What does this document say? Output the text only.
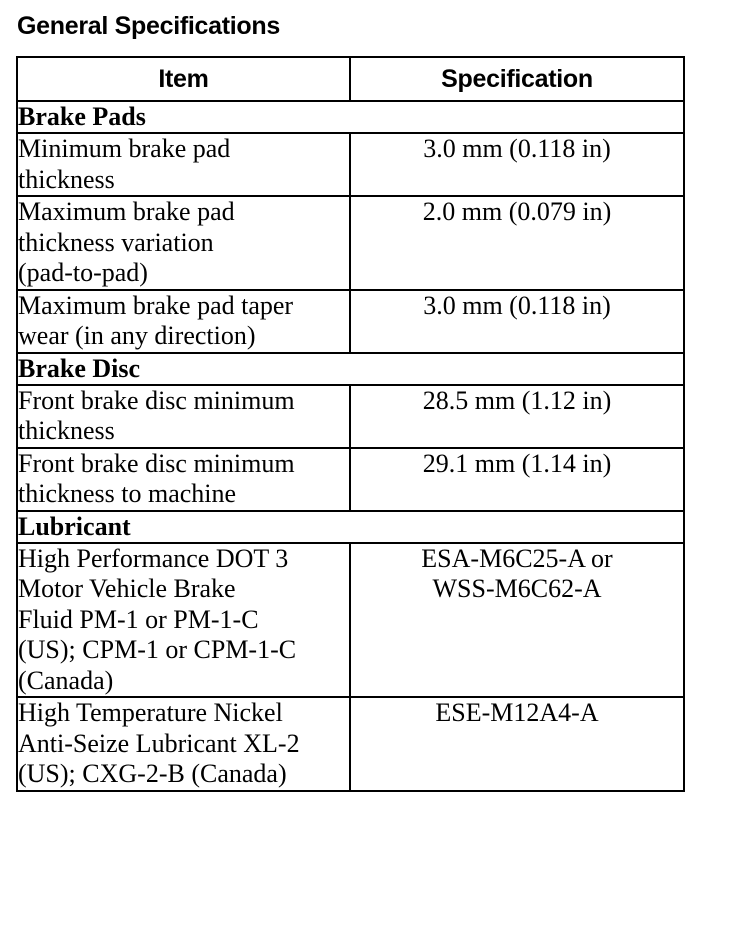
General Specifications
Item	Specification
Brake Pads	

Minimum brake pad
thickness	3.0 mm (0.118 in)

Maximum brake pad
thickness variation
(pad-to-pad)	2.0 mm (0.079 in)

Maximum brake pad taper
wear (in any direction)	3.0 mm (0.118 in)

Brake Disc	

Front brake disc minimum
thickness	28.5 mm (1.12 in)

Front brake disc minimum
thickness to machine	29.1 mm (1.14 in)

Lubricant	

High Performance DOT 3
Motor Vehicle Brake
Fluid PM-1 or PM-1-C
(US); CPM-1 or CPM-1-C
(Canada)	ESA-M6C25-A or
WSS-M6C62-A

High Temperature Nickel
Anti-Seize Lubricant XL-2
(US); CXG-2-B (Canada)	ESE-M12A4-A
